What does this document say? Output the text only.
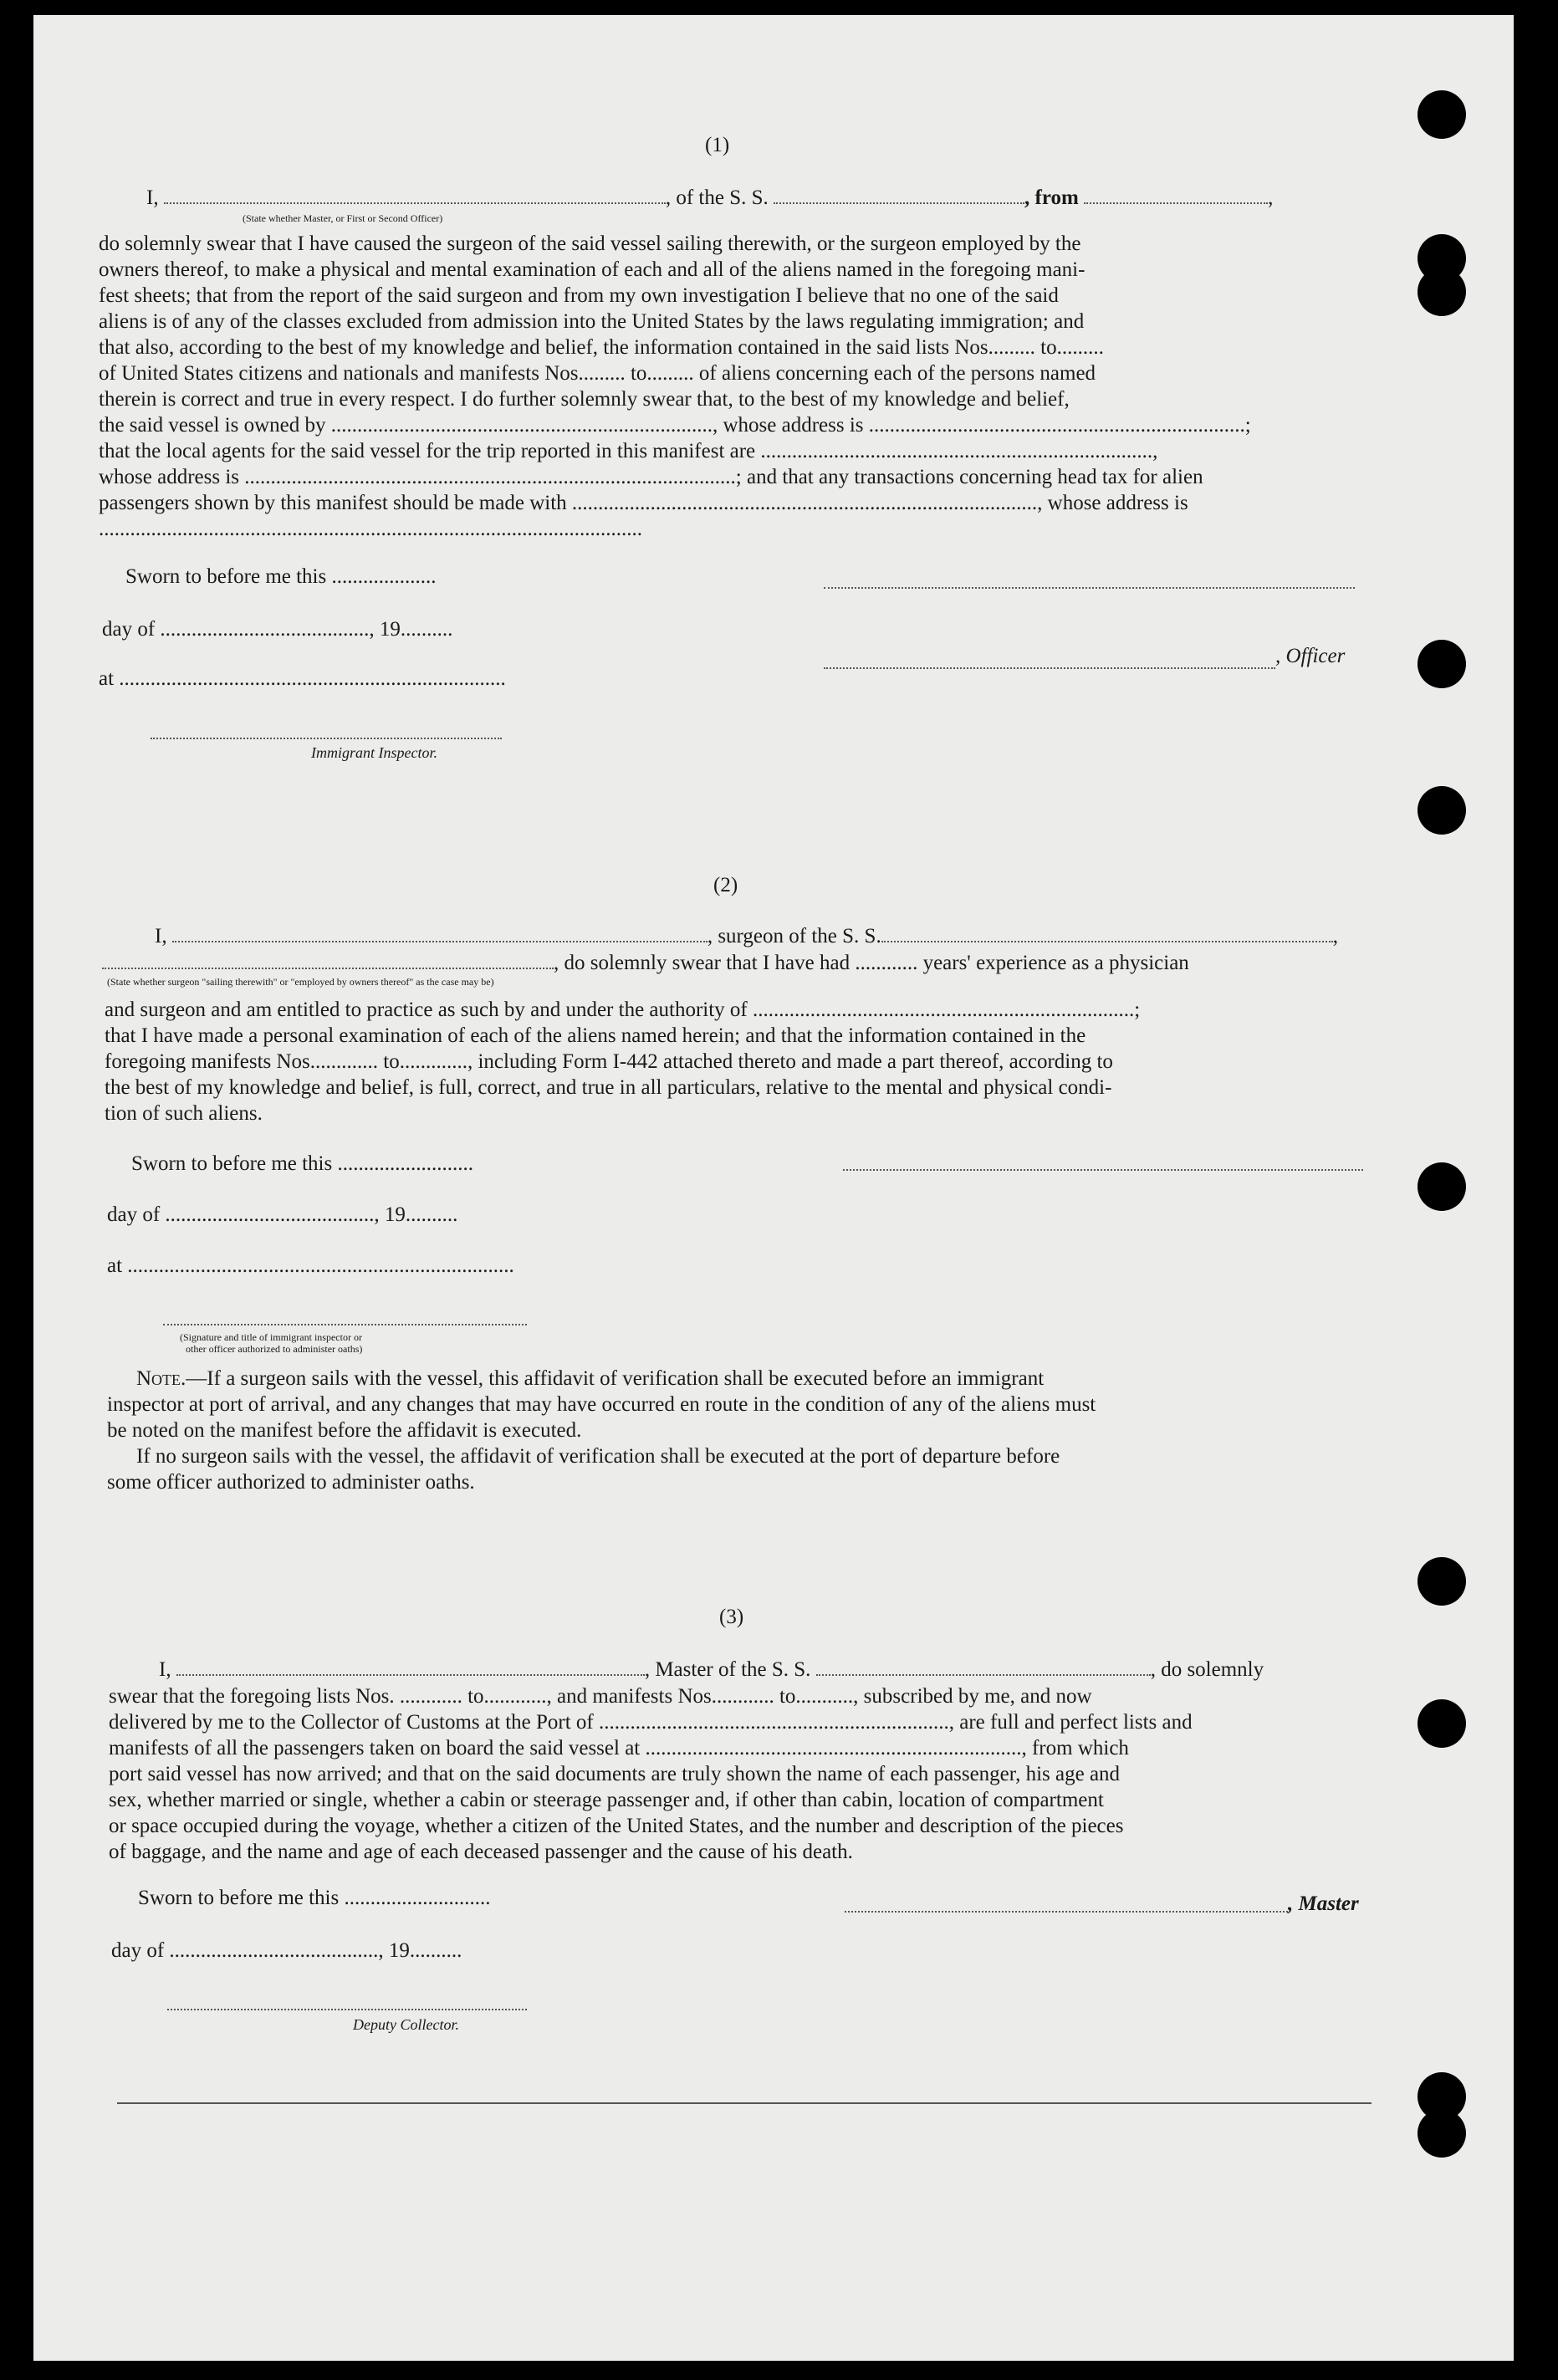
(1)
I,	, of the S. S.	, from	,
(State whether Master, or First or Second Officer)
do solemnly swear that I have caused the surgeon of the said vessel sailing therewith, or the surgeon employed by the
owners thereof, to make a physical and mental examination of each and all of the aliens named in the foregoing mani-
fest sheets; that from the report of the said surgeon and from my own investigation I believe that no one of the said
aliens is of any of the classes excluded from admission into the United States by the laws regulating immigration; and
that also, according to the best of my knowledge and belief, the information contained in the said lists Nos......... to.........
of United States citizens and nationals and manifests Nos......... to......... of aliens concerning each of the persons named
therein is correct and true in every respect. I do further solemnly swear that, to the best of my knowledge and belief,
the said vessel is owned by ........................................................................., whose address is ........................................................................;
that the local agents for the said vessel for the trip reported in this manifest are ...........................................................................,
whose address is ..............................................................................................; and that any transactions concerning head tax for alien
passengers shown by this manifest should be made with ........................................................................................., whose address is
........................................................................................................
Sworn to before me this ....................
day of ........................................, 19..........
at ..........................................................................
, Officer
Immigrant Inspector.
(2)
I,	, surgeon of the S. S.	,
, do solemnly swear that I have had ............ years' experience as a physician
(State whether surgeon "sailing therewith" or "employed by owners thereof" as the case may be)
and surgeon and am entitled to practice as such by and under the authority of .........................................................................;
that I have made a personal examination of each of the aliens named herein; and that the information contained in the
foregoing manifests Nos............. to............., including Form I-442 attached thereto and made a part thereof, according to
the best of my knowledge and belief, is full, correct, and true in all particulars, relative to the mental and physical condi-
tion of such aliens.
Sworn to before me this ..........................
day of ........................................, 19..........
at ..........................................................................
(Signature and title of immigrant inspector or
other officer authorized to administer oaths)
Note.—If a surgeon sails with the vessel, this affidavit of verification shall be executed before an immigrant
inspector at port of arrival, and any changes that may have occurred en route in the condition of any of the aliens must
be noted on the manifest before the affidavit is executed.
If no surgeon sails with the vessel, the affidavit of verification shall be executed at the port of departure before
some officer authorized to administer oaths.
(3)
I,	, Master of the S. S.	, do solemnly
swear that the foregoing lists Nos. ............ to............, and manifests Nos............ to..........., subscribed by me, and now
delivered by me to the Collector of Customs at the Port of ..................................................................., are full and perfect lists and
manifests of all the passengers taken on board the said vessel at ........................................................................, from which
port said vessel has now arrived; and that on the said documents are truly shown the name of each passenger, his age and
sex, whether married or single, whether a cabin or steerage passenger and, if other than cabin, location of compartment
or space occupied during the voyage, whether a citizen of the United States, and the number and description of the pieces
of baggage, and the name and age of each deceased passenger and the cause of his death.
Sworn to before me this ............................	, Master
day of ........................................, 19..........
Deputy Collector.
